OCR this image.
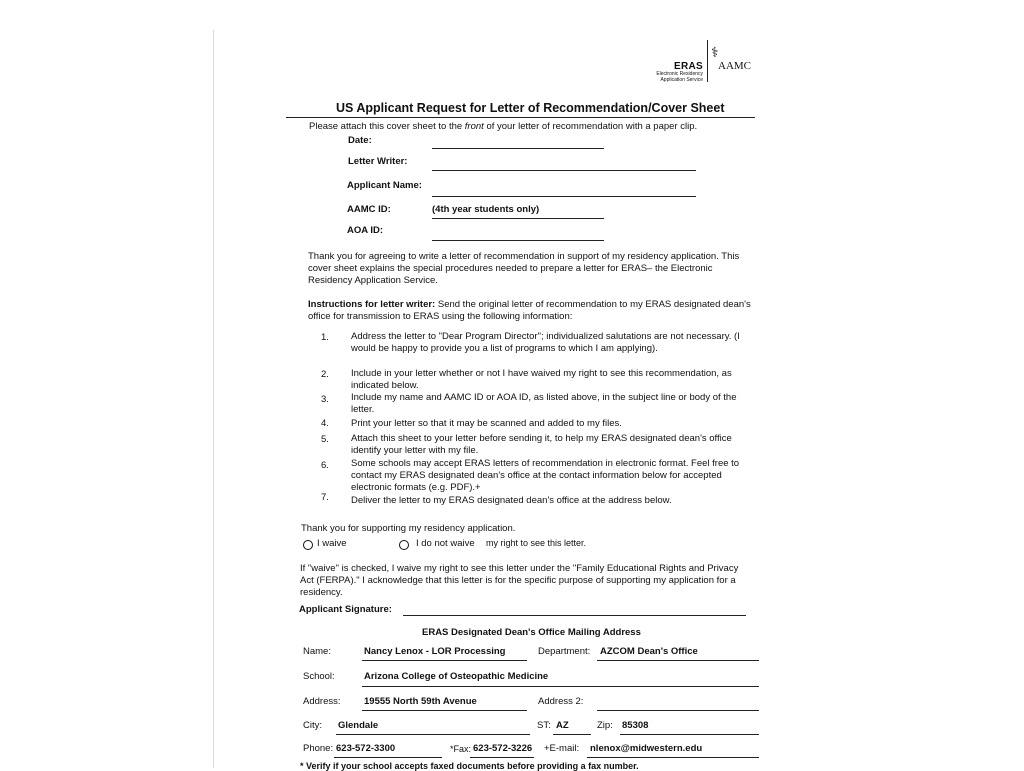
ERAS
Electronic Residency Application Service
⚕
AAMC
US Applicant Request for Letter of Recommendation/Cover Sheet
Please attach this cover sheet to the front of your letter of recommendation with a paper clip.
Date:
Letter Writer:
Applicant Name:
AAMC ID:	(4th year students only)
AOA ID:
Thank you for agreeing to write a letter of recommendation in support of my residency application. This cover sheet explains the special procedures needed to prepare a letter for ERAS– the Electronic Residency Application Service.
Instructions for letter writer: Send the original letter of recommendation to my ERAS designated dean's office for transmission to ERAS using the following information:
1. Address the letter to "Dear Program Director"; individualized salutations are not necessary. (I would be happy to provide you a list of programs to which I am applying).
2. Include in your letter whether or not I have waived my right to see this recommendation, as indicated below.
3. Include my name and AAMC ID or AOA ID, as listed above, in the subject line or body of the letter.
4. Print your letter so that it may be scanned and added to my files.
5. Attach this sheet to your letter before sending it, to help my ERAS designated dean's office identify your letter with my file.
6. Some schools may accept ERAS letters of recommendation in electronic format. Feel free to contact my ERAS designated dean's office at the contact information below for accepted electronic formats (e.g. PDF).+
7. Deliver the letter to my ERAS designated dean's office at the address below.
Thank you for supporting my residency application.
I waive	I do not waive my right to see this letter.
If "waive" is checked, I waive my right to see this letter under the "Family Educational Rights and Privacy Act (FERPA)." I acknowledge that this letter is for the specific purpose of supporting my application for a residency.
Applicant Signature:
ERAS Designated Dean's Office Mailing Address
Name:	Nancy Lenox - LOR Processing	Department: AZCOM Dean's Office
School:	Arizona College of Osteopathic Medicine
Address: 19555 North 59th Avenue	Address 2:
City: Glendale	ST: AZ	Zip: 85308
Phone: 623-572-3300	*Fax: 623-572-3226 +E-mail: nlenox@midwestern.edu
* Verify if your school accepts faxed documents before providing a fax number.
